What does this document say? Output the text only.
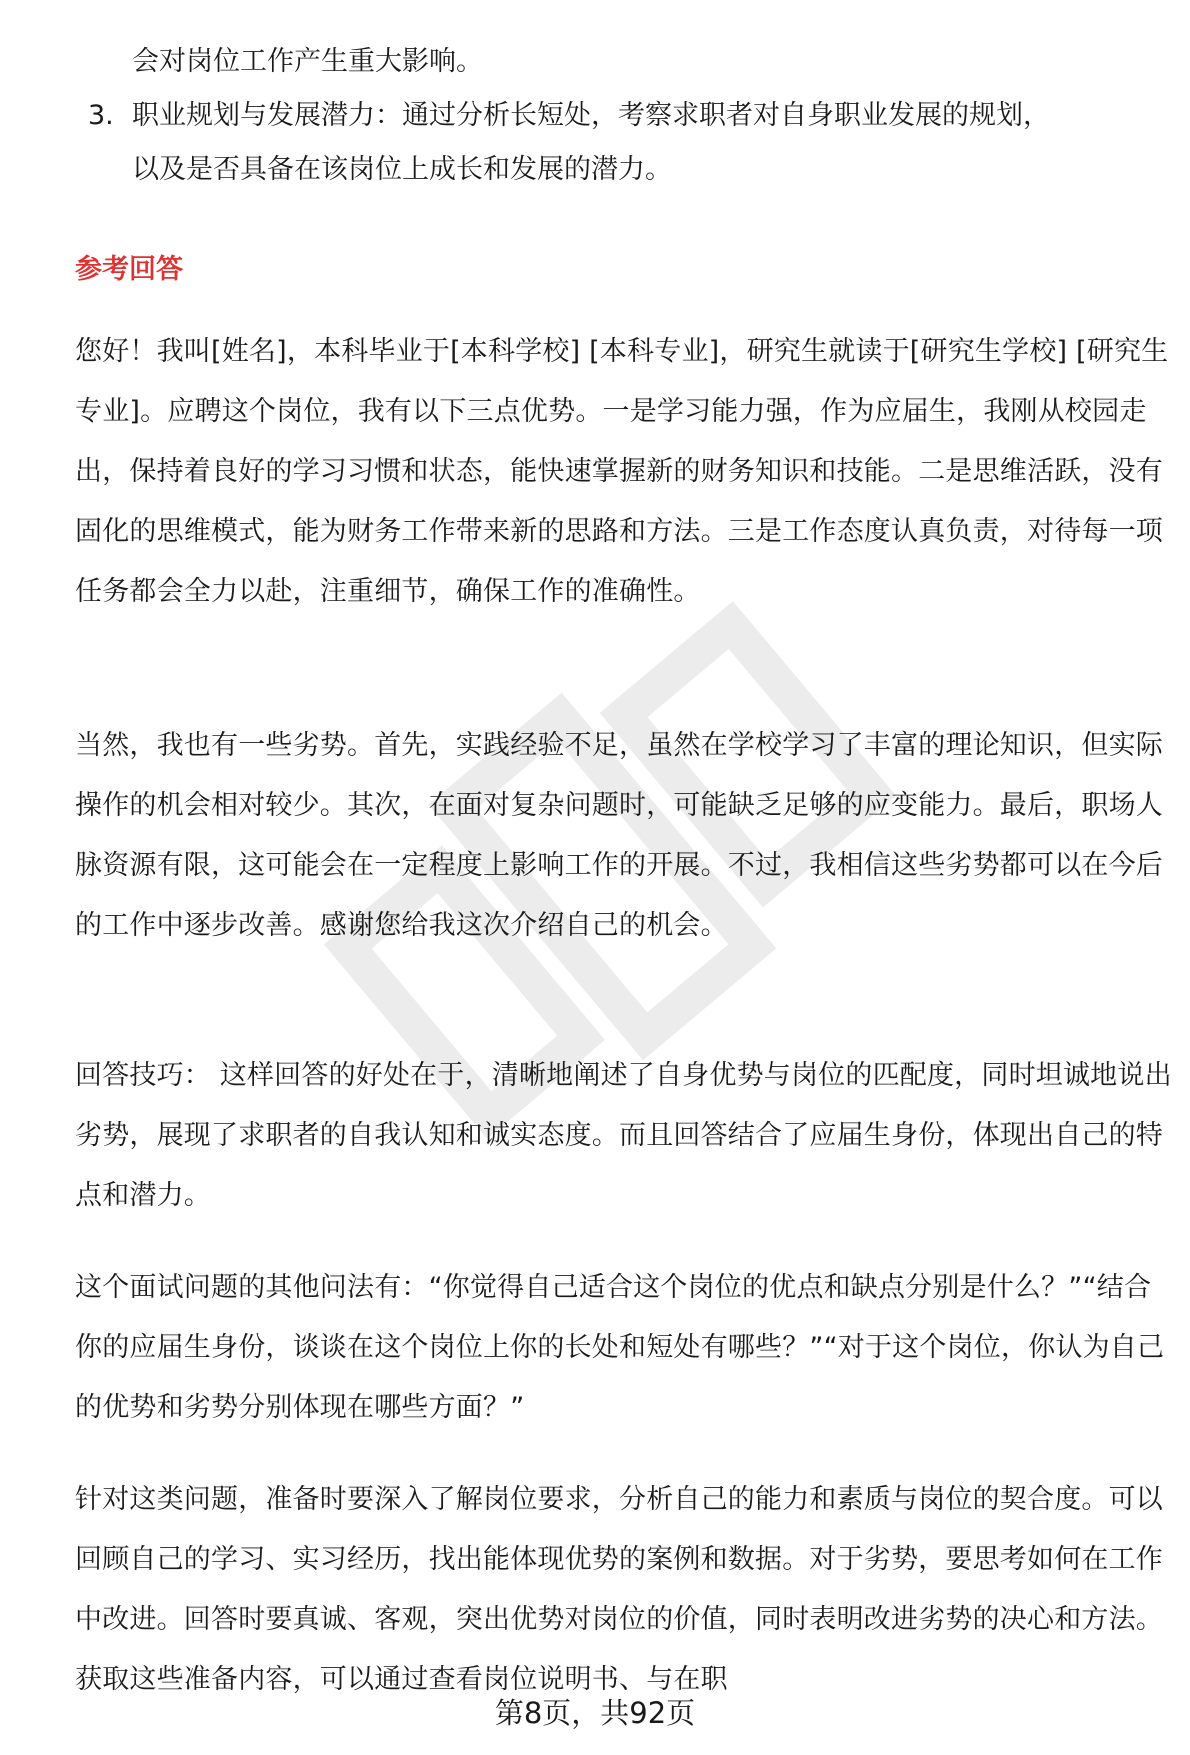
会对岗位工作产生重大影响。
3. 职业规划与发展潜力：通过分析长短处，考察求职者对自身职业发展的规划，
以及是否具备在该岗位上成长和发展的潜力。
参考回答

您好！我叫[姓名]，本科毕业于[本科学校] [本科专业]，研究生就读于[研究生学校] [研究生专业]。应聘这个岗位，我有以下三点优势。一是学习能力强，作为应届生，我刚从校园走出，保持着良好的学习习惯和状态，能快速掌握新的财务知识和技能。二是思维活跃，没有固化的思维模式，能为财务工作带来新的思路和方法。三是工作态度认真负责，对待每一项任务都会全力以赴，注重细节，确保工作的准确性。

当然，我也有一些劣势。首先，实践经验不足，虽然在学校学习了丰富的理论知识，但实际操作的机会相对较少。其次，在面对复杂问题时，可能缺乏足够的应变能力。最后，职场人脉资源有限，这可能会在一定程度上影响工作的开展。不过，我相信这些劣势都可以在今后的工作中逐步改善。感谢您给我这次介绍自己的机会。

回答技巧： 这样回答的好处在于，清晰地阐述了自身优势与岗位的匹配度，同时坦诚地说出劣势，展现了求职者的自我认知和诚实态度。而且回答结合了应届生身份，体现出自己的特点和潜力。

这个面试问题的其他问法有：“你觉得自己适合这个岗位的优点和缺点分别是什么？”“结合你的应届生身份，谈谈在这个岗位上你的长处和短处有哪些？”“对于这个岗位，你认为自己的优势和劣势分别体现在哪些方面？”

针对这类问题，准备时要深入了解岗位要求，分析自己的能力和素质与岗位的契合度。可以回顾自己的学习、实习经历，找出能体现优势的案例和数据。对于劣势，要思考如何在工作中改进。回答时要真诚、客观，突出优势对岗位的价值，同时表明改进劣势的决心和方法。获取这些准备内容，可以通过查看岗位说明书、与在职

第8页，共92页
